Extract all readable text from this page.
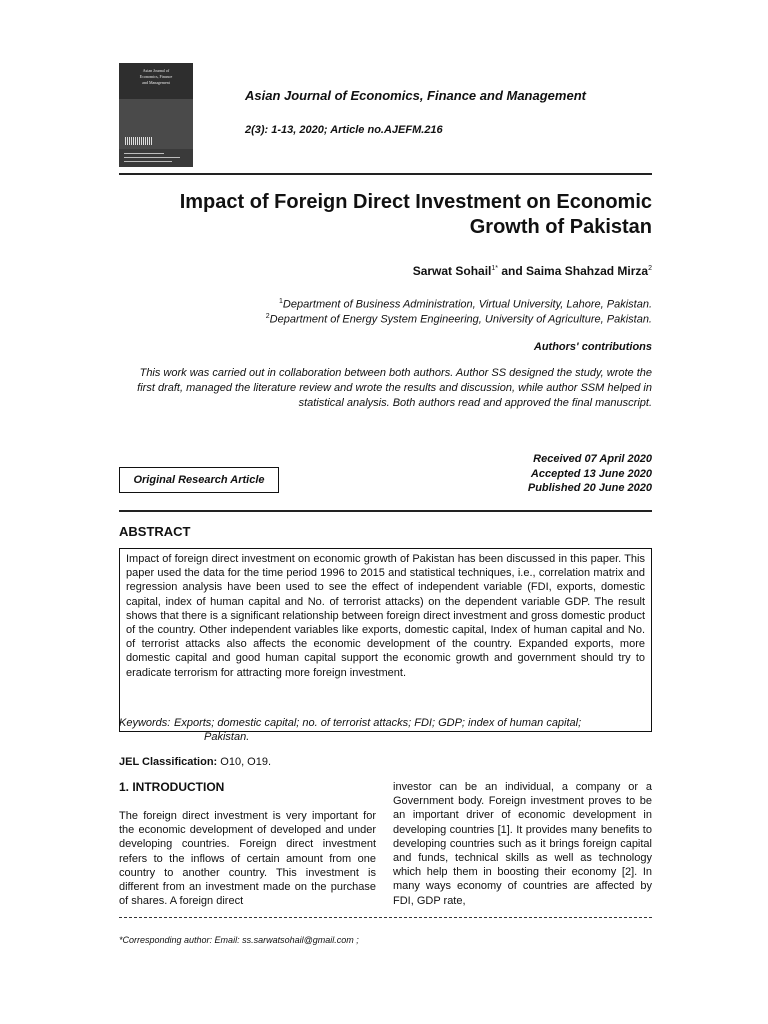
Asian Journal of
Economics, Finance
and Management
Asian Journal of Economics, Finance and Management
2(3): 1-13, 2020; Article no.AJEFM.216
Impact of Foreign Direct Investment on Economic
Growth of Pakistan
Sarwat Sohail$^{1*}$ and Saima Shahzad Mirza$^2$
$^1$Department of Business Administration, Virtual University, Lahore, Pakistan.
$^2$Department of Energy System Engineering, University of Agriculture, Pakistan.
Authors' contributions
This work was carried out in collaboration between both authors. Author SS designed the study, wrote the first draft, managed the literature review and wrote the results and discussion, while author SSM helped in statistical analysis. Both authors read and approved the final manuscript.
Original Research Article
Received 07 April 2020
Accepted 13 June 2020
Published 20 June 2020
ABSTRACT
Impact of foreign direct investment on economic growth of Pakistan has been discussed in this paper. This paper used the data for the time period 1996 to 2015 and statistical techniques, i.e., correlation matrix and regression analysis have been used to see the effect of independent variable (FDI, exports, domestic capital, index of human capital and No. of terrorist attacks) on the dependent variable GDP. The result shows that there is a significant relationship between foreign direct investment and gross domestic product of the country. Other independent variables like exports, domestic capital, Index of human capital and No. of terrorist attacks also affects the economic development of the country. Expanded exports, more domestic capital and good human capital support the economic growth and government should try to eradicate terrorism for attracting more foreign investment.
Keywords: Exports; domestic capital; no. of terrorist attacks; FDI; GDP; index of human capital;
Pakistan.
JEL Classification: O10, O19.
1. INTRODUCTION
The foreign direct investment is very important for the economic development of developed and under developing countries. Foreign direct investment refers to the inflows of certain amount from one country to another country. This investment is different from an investment made on the purchase of shares. A foreign direct
investor can be an individual, a company or a Government body. Foreign investment proves to be an important driver of economic development in developing countries [1]. It provides many benefits to developing countries such as it brings foreign capital and funds, technical skills as well as technology which help them in boosting their economy [2]. In many ways economy of countries are affected by FDI, GDP rate,
*Corresponding author: Email: ss.sarwatsohail@gmail.com ;
